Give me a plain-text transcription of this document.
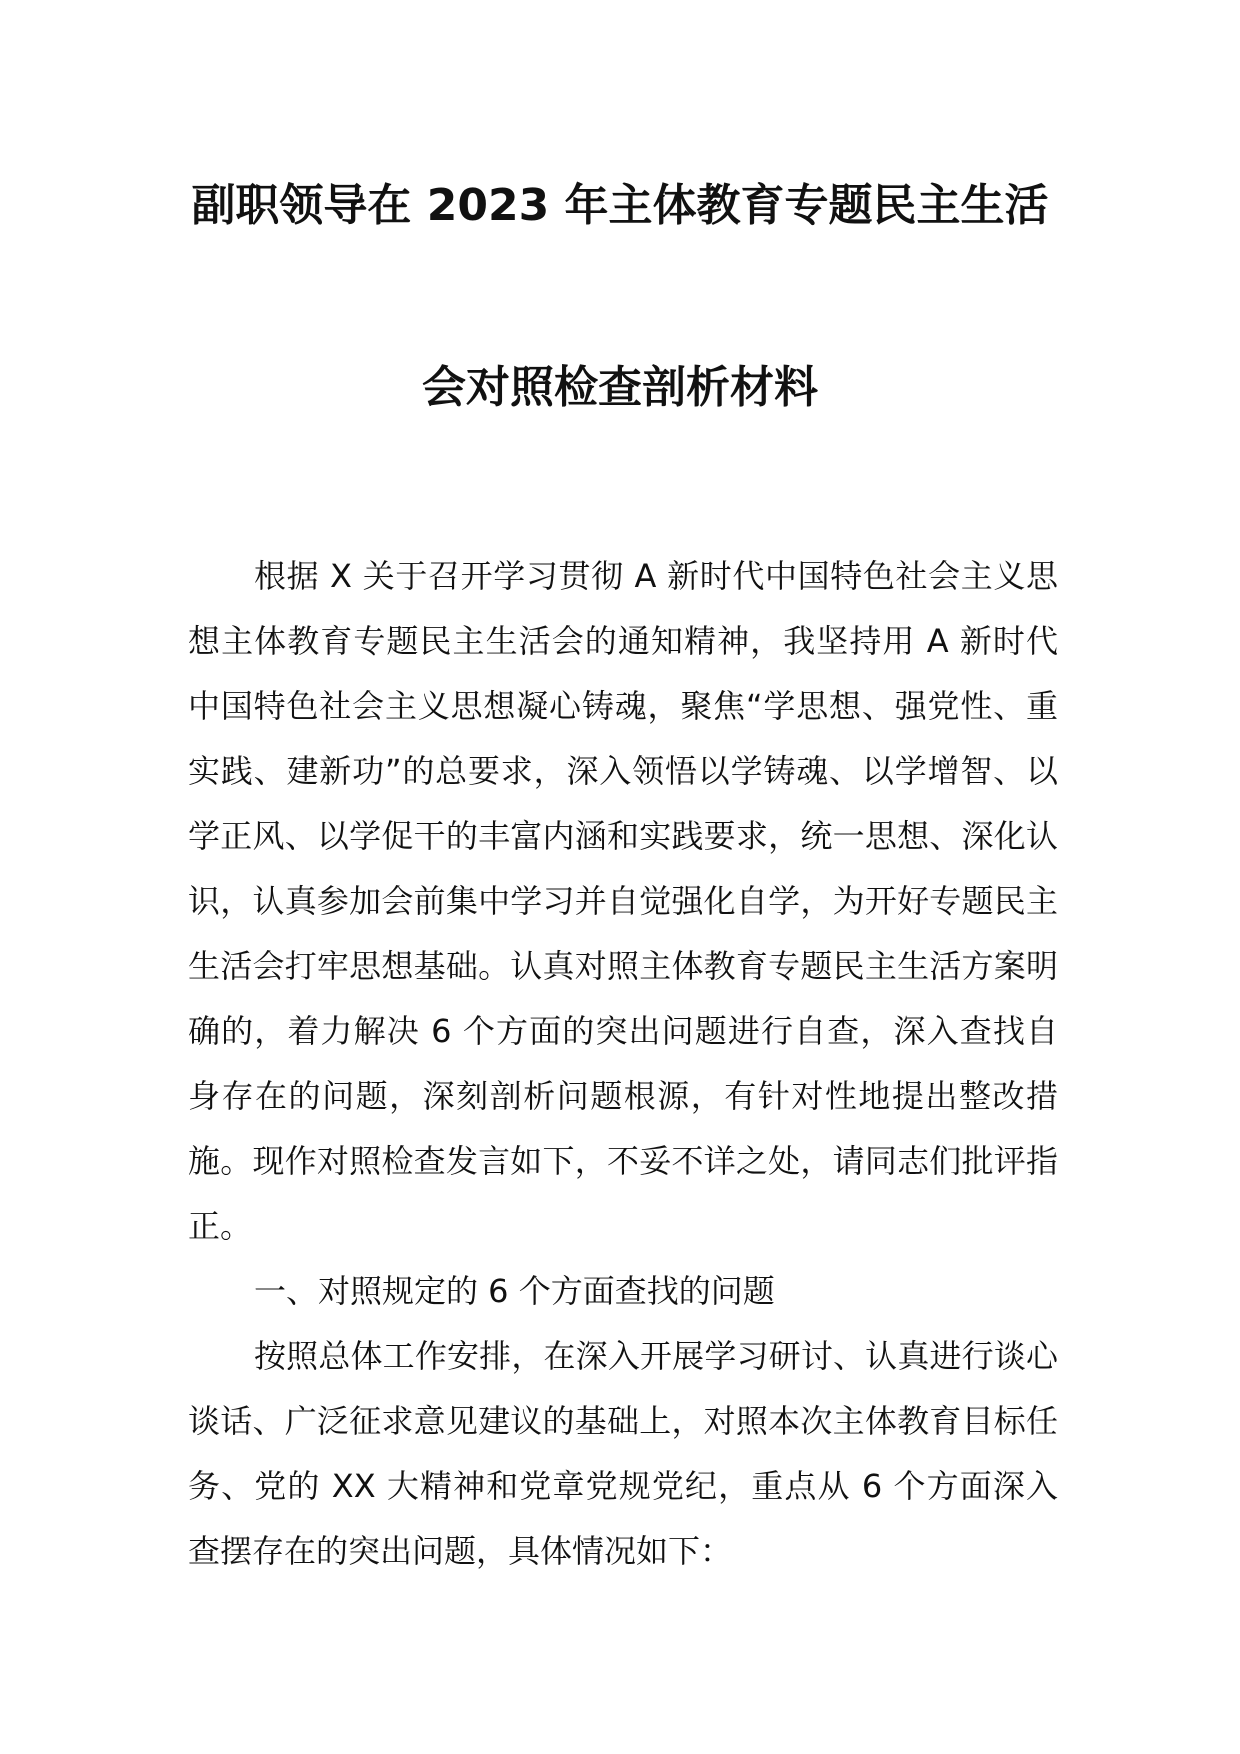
副职领导在 2023 年主体教育专题民主生活
会对照检查剖析材料

根据 X 关于召开学习贯彻 A 新时代中国特色社会主义思想主体教育专题民主生活会的通知精神，我坚持用 A 新时代中国特色社会主义思想凝心铸魂，聚焦“学思想、强党性、重实践、建新功”的总要求，深入领悟以学铸魂、以学增智、以学正风、以学促干的丰富内涵和实践要求，统一思想、深化认识，认真参加会前集中学习并自觉强化自学，为开好专题民主生活会打牢思想基础。认真对照主体教育专题民主生活方案明确的，着力解决 6 个方面的突出问题进行自查，深入查找自身存在的问题，深刻剖析问题根源，有针对性地提出整改措施。现作对照检查发言如下，不妥不详之处，请同志们批评指正。

一、对照规定的 6 个方面查找的问题

按照总体工作安排，在深入开展学习研讨、认真进行谈心谈话、广泛征求意见建议的基础上，对照本次主体教育目标任务、党的 XX 大精神和党章党规党纪，重点从 6 个方面深入查摆存在的突出问题，具体情况如下：
